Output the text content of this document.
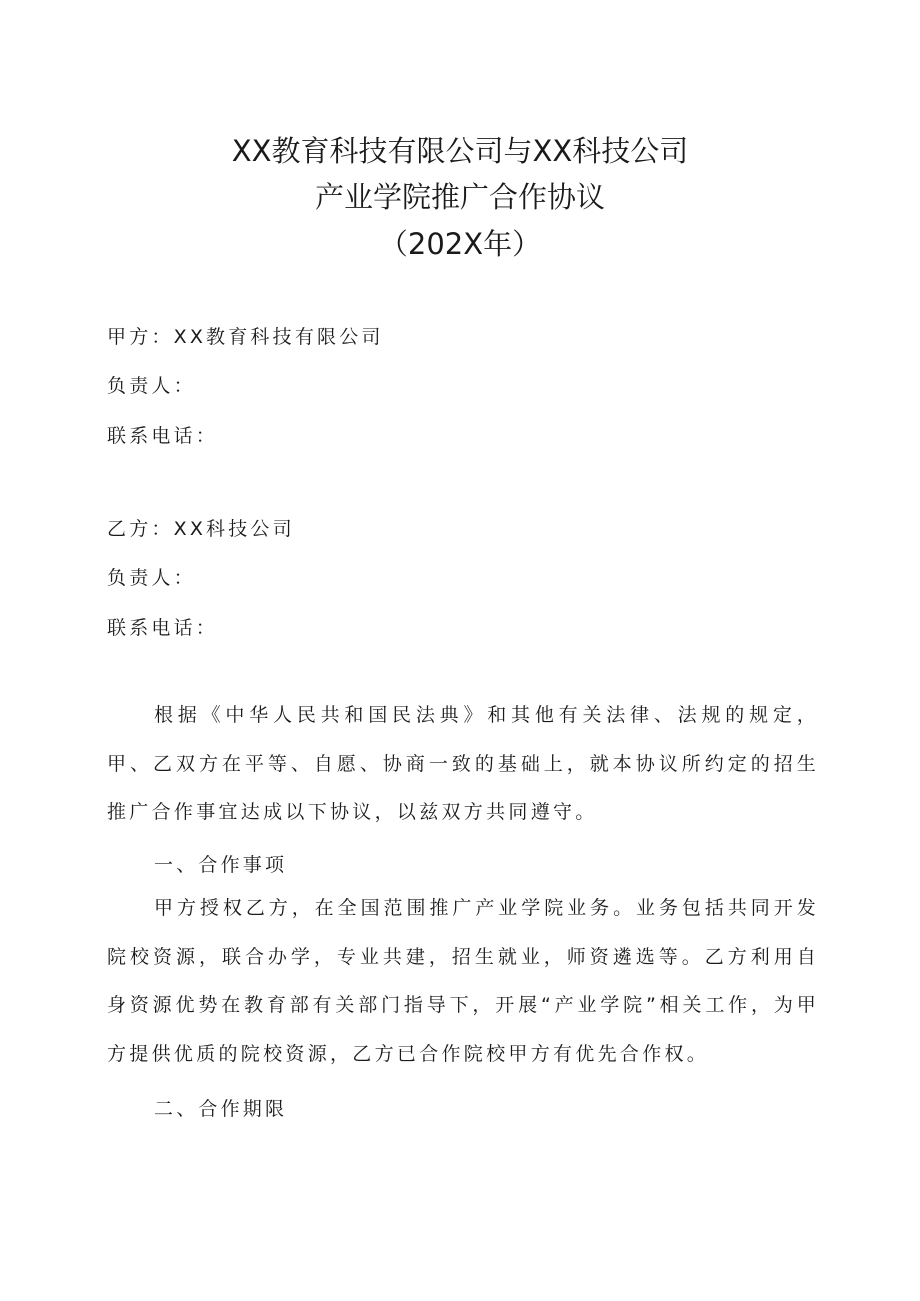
XX教育科技有限公司与XX科技公司
产业学院推广合作协议
（202X年）
甲方：XX教育科技有限公司
负责人：
联系电话：
乙方：XX科技公司
负责人：
联系电话：
根据《中华人民共和国民法典》和其他有关法律、法规的规定，甲、乙双方在平等、自愿、协商一致的基础上，就本协议所约定的招生推广合作事宜达成以下协议，以兹双方共同遵守。
一、合作事项
甲方授权乙方，在全国范围推广产业学院业务。业务包括共同开发院校资源，联合办学，专业共建，招生就业，师资遴选等。乙方利用自身资源优势在教育部有关部门指导下，开展“产业学院”相关工作，为甲方提供优质的院校资源，乙方已合作院校甲方有优先合作权。
二、合作期限
